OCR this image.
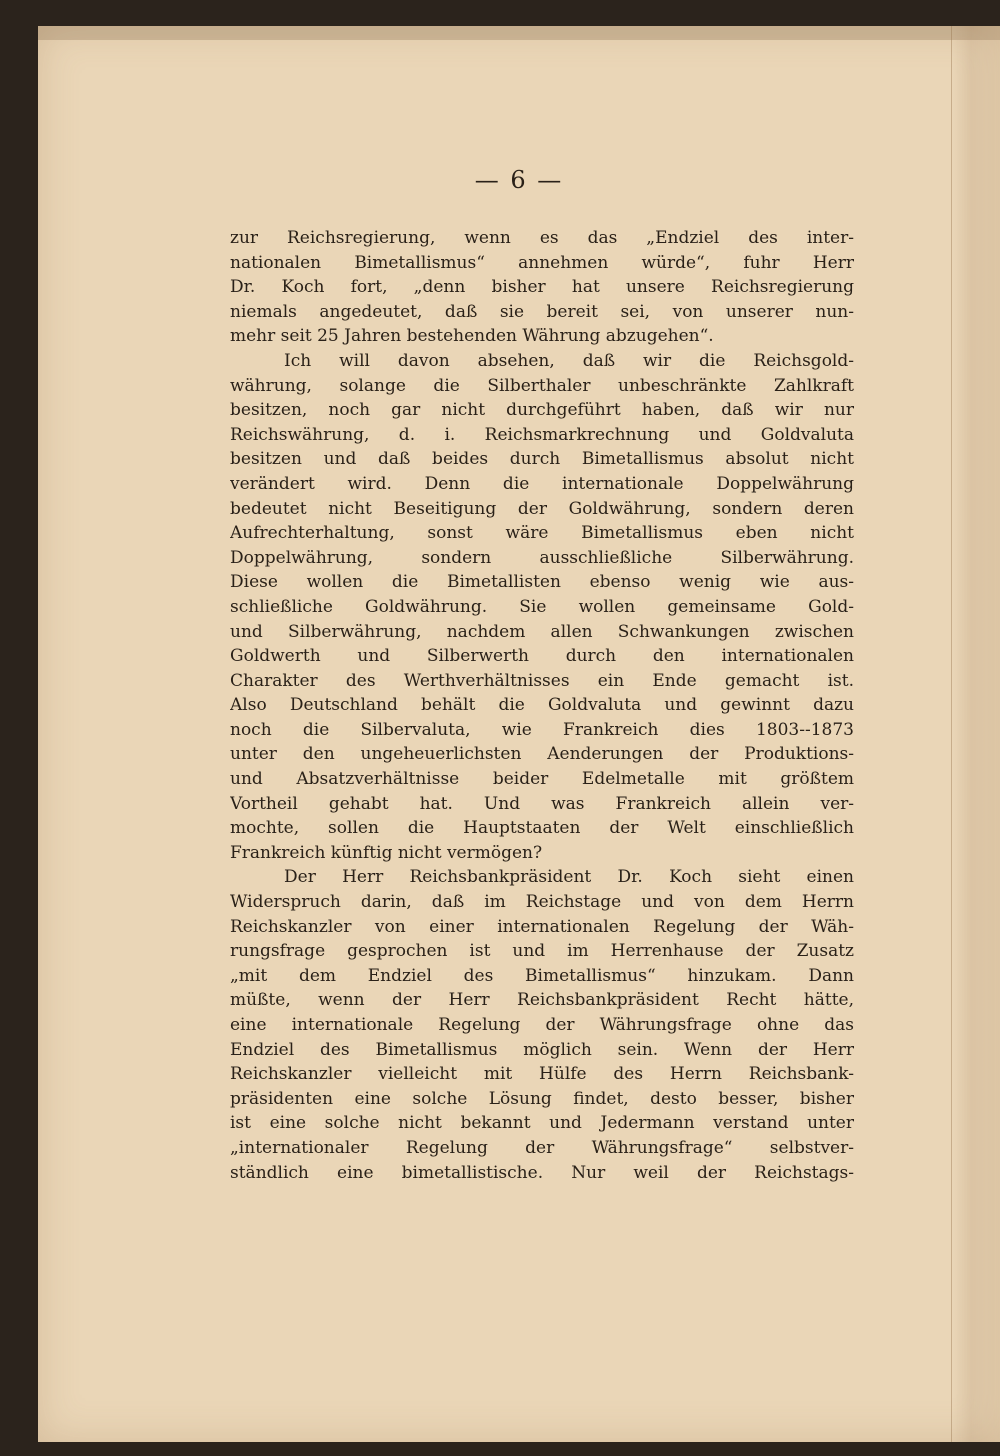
— 6 —
zur Reichsregierung, wenn es das „Endziel des inter-
nationalen Bimetallismus“ annehmen würde“, fuhr Herr
Dr. Koch fort, „denn bisher hat unsere Reichsregierung
niemals angedeutet, daß sie bereit sei, von unserer nun-
mehr seit 25 Jahren bestehenden Währung abzugehen“.
Ich will davon absehen, daß wir die Reichsgold-
währung, solange die Silberthaler unbeschränkte Zahlkraft
besitzen, noch gar nicht durchgeführt haben, daß wir nur
Reichswährung, d. i. Reichsmarkrechnung und Goldvaluta
besitzen und daß beides durch Bimetallismus absolut nicht
verändert wird. Denn die internationale Doppelwährung
bedeutet nicht Beseitigung der Goldwährung, sondern deren
Aufrechterhaltung, sonst wäre Bimetallismus eben nicht
Doppelwährung, sondern ausschließliche Silberwährung.
Diese wollen die Bimetallisten ebenso wenig wie aus-
schließliche Goldwährung. Sie wollen gemeinsame Gold-
und Silberwährung, nachdem allen Schwankungen zwischen
Goldwerth und Silberwerth durch den internationalen
Charakter des Werthverhältnisses ein Ende gemacht ist.
Also Deutschland behält die Goldvaluta und gewinnt dazu
noch die Silbervaluta, wie Frankreich dies 1803--1873
unter den ungeheuerlichsten Aenderungen der Produktions-
und Absatzverhältnisse beider Edelmetalle mit größtem
Vortheil gehabt hat. Und was Frankreich allein ver-
mochte, sollen die Hauptstaaten der Welt einschließlich
Frankreich künftig nicht vermögen?
Der Herr Reichsbankpräsident Dr. Koch sieht einen
Widerspruch darin, daß im Reichstage und von dem Herrn
Reichskanzler von einer internationalen Regelung der Wäh-
rungsfrage gesprochen ist und im Herrenhause der Zusatz
„mit dem Endziel des Bimetallismus“ hinzukam. Dann
müßte, wenn der Herr Reichsbankpräsident Recht hätte,
eine internationale Regelung der Währungsfrage ohne das
Endziel des Bimetallismus möglich sein. Wenn der Herr
Reichskanzler vielleicht mit Hülfe des Herrn Reichsbank-
präsidenten eine solche Lösung findet, desto besser, bisher
ist eine solche nicht bekannt und Jedermann verstand unter
„internationaler Regelung der Währungsfrage“ selbstver-
ständlich eine bimetallistische. Nur weil der Reichstags-
